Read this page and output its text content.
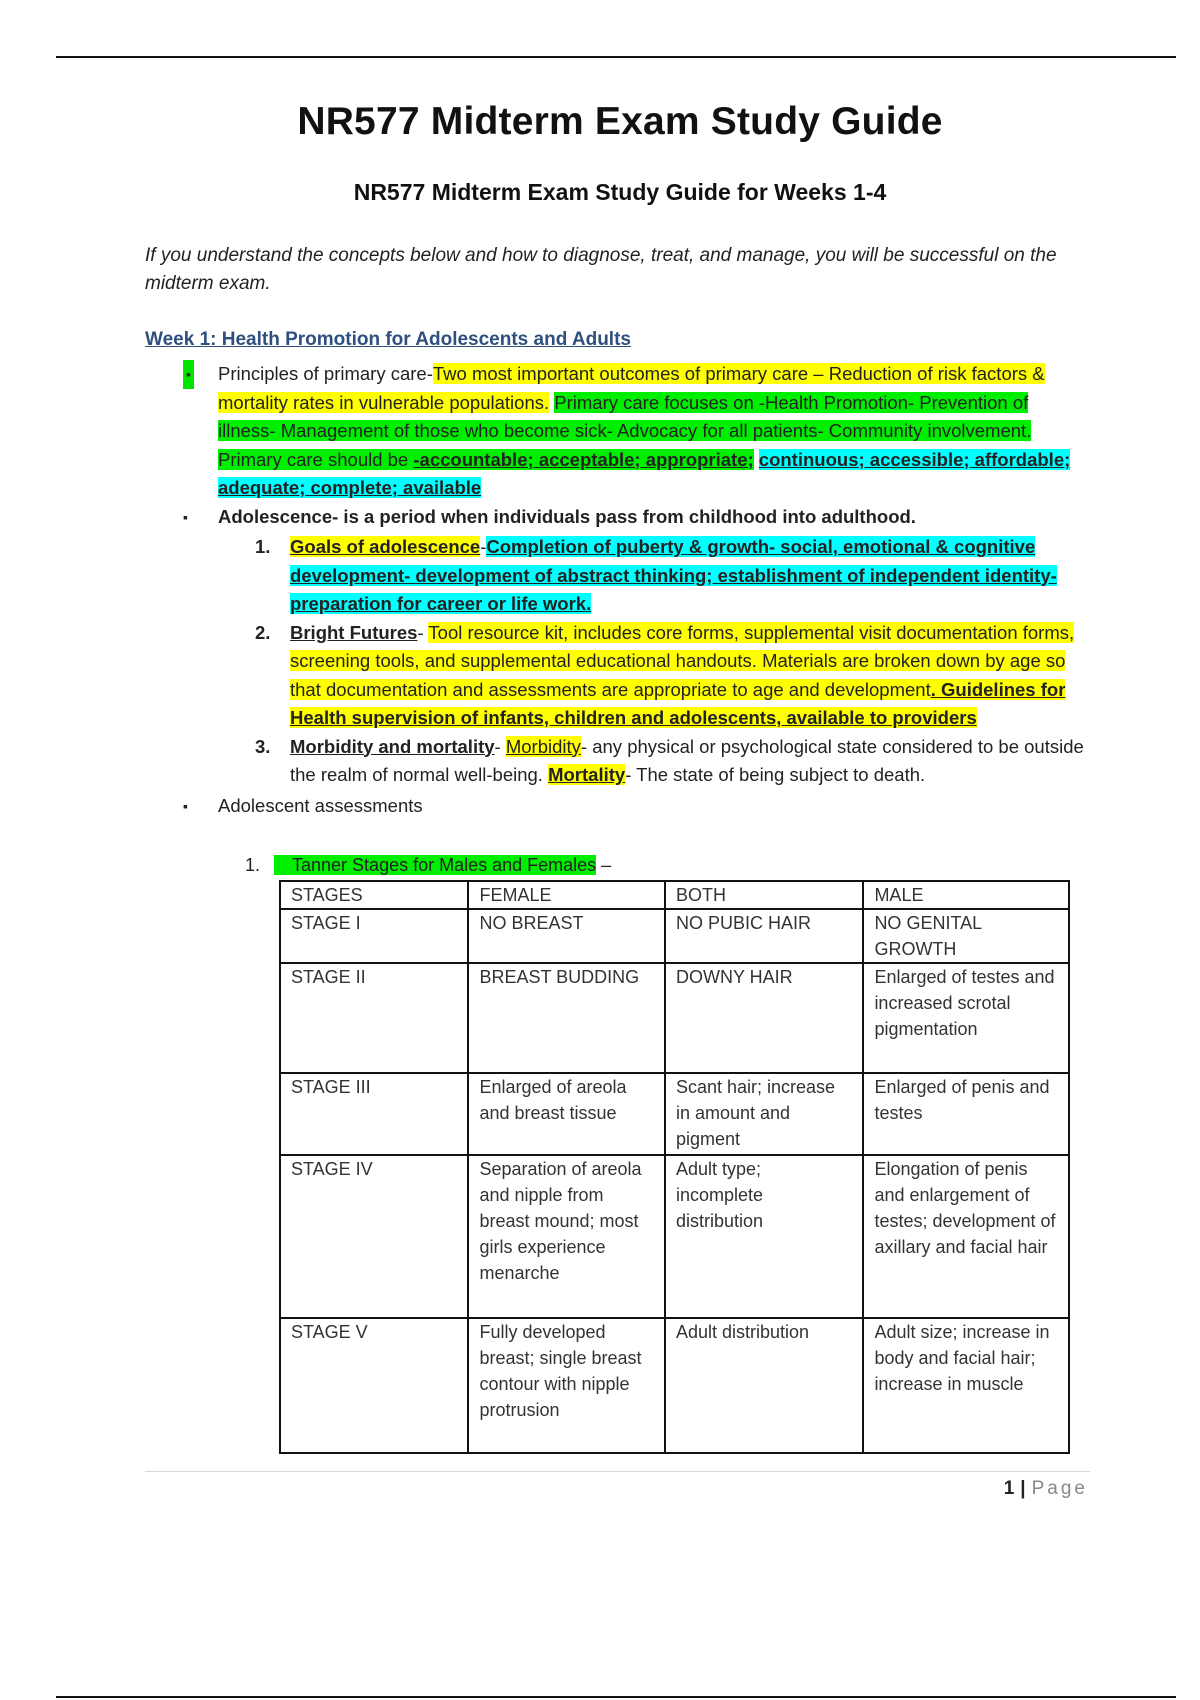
NR577 Midterm Exam Study Guide
NR577 Midterm Exam Study Guide for Weeks 1-4
If you understand the concepts below and how to diagnose, treat, and manage, you will be successful on the midterm exam.
Week 1: Health Promotion for Adolescents and Adults
▪ Principles of primary care-Two most important outcomes of primary care – Reduction of risk factors & mortality rates in vulnerable populations. Primary care focuses on -Health Promotion- Prevention of illness- Management of those who become sick- Advocacy for all patients- Community involvement. Primary care should be -accountable; acceptable; appropriate; continuous; accessible; affordable; adequate; complete; available
▪ Adolescence- is a period when individuals pass from childhood into adulthood.
1. Goals of adolescence-Completion of puberty & growth- social, emotional & cognitive development- development of abstract thinking; establishment of independent identity- preparation for career or life work.
2. Bright Futures- Tool resource kit, includes core forms, supplemental visit documentation forms, screening tools, and supplemental educational handouts. Materials are broken down by age so that documentation and assessments are appropriate to age and development. Guidelines for Health supervision of infants, children and adolescents, available to providers
3. Morbidity and mortality- Morbidity- any physical or psychological state considered to be outside the realm of normal well-being. Mortality- The state of being subject to death.
▪ Adolescent assessments
1. Tanner Stages for Males and Females –
STAGES	FEMALE	BOTH	MALE
STAGE I	NO BREAST	NO PUBIC HAIR	NO GENITAL GROWTH
STAGE II	BREAST BUDDING	DOWNY HAIR	Enlarged of testes and increased scrotal pigmentation
STAGE III	Enlarged of areola and breast tissue	Scant hair; increase in amount and pigment	Enlarged of penis and testes
STAGE IV	Separation of areola and nipple from breast mound; most girls experience menarche	Adult type; incomplete distribution	Elongation of penis and enlargement of testes; development of axillary and facial hair
STAGE V	Fully developed breast; single breast contour with nipple protrusion	Adult distribution	Adult size; increase in body and facial hair; increase in muscle
1 | Page
